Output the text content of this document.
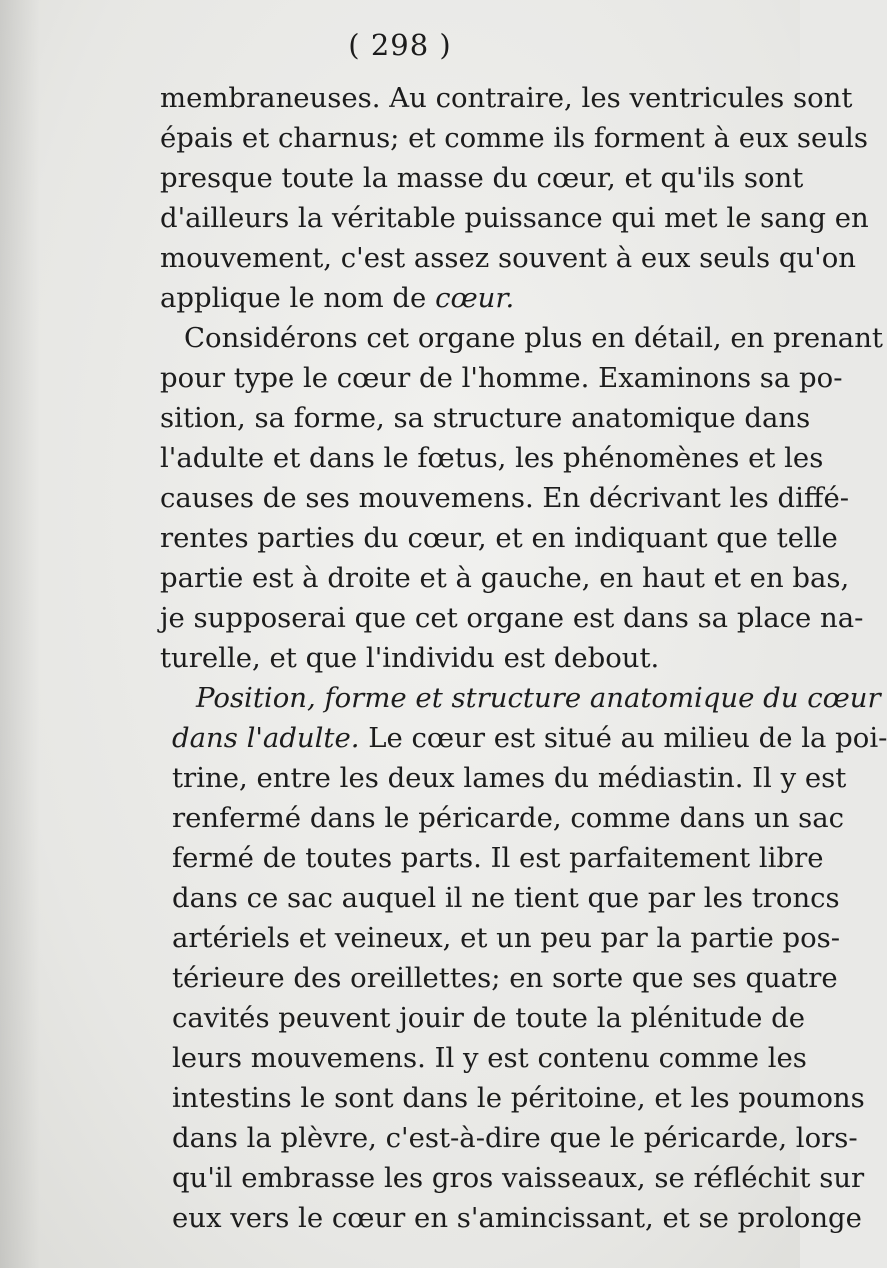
( 298 )
membraneuses. Au contraire, les ventricules sont
épais et charnus; et comme ils forment à eux seuls
presque toute la masse du cœur, et qu'ils sont
d'ailleurs la véritable puissance qui met le sang en
mouvement, c'est assez souvent à eux seuls qu'on
applique le nom de cœur.
Considérons cet organe plus en détail, en prenant
pour type le cœur de l'homme. Examinons sa po-
sition, sa forme, sa structure anatomique dans
l'adulte et dans le fœtus, les phénomènes et les
causes de ses mouvemens. En décrivant les diffé-
rentes parties du cœur, et en indiquant que telle
partie est à droite et à gauche, en haut et en bas,
je supposerai que cet organe est dans sa place na-
turelle, et que l'individu est debout.
Position, forme et structure anatomique du cœur
dans l'adulte. Le cœur est situé au milieu de la poi-
trine, entre les deux lames du médiastin. Il y est
renfermé dans le péricarde, comme dans un sac
fermé de toutes parts. Il est parfaitement libre
dans ce sac auquel il ne tient que par les troncs
artériels et veineux, et un peu par la partie pos-
térieure des oreillettes; en sorte que ses quatre
cavités peuvent jouir de toute la plénitude de
leurs mouvemens. Il y est contenu comme les
intestins le sont dans le péritoine, et les poumons
dans la plèvre, c'est-à-dire que le péricarde, lors-
qu'il embrasse les gros vaisseaux, se réfléchit sur
eux vers le cœur en s'amincissant, et se prolonge
